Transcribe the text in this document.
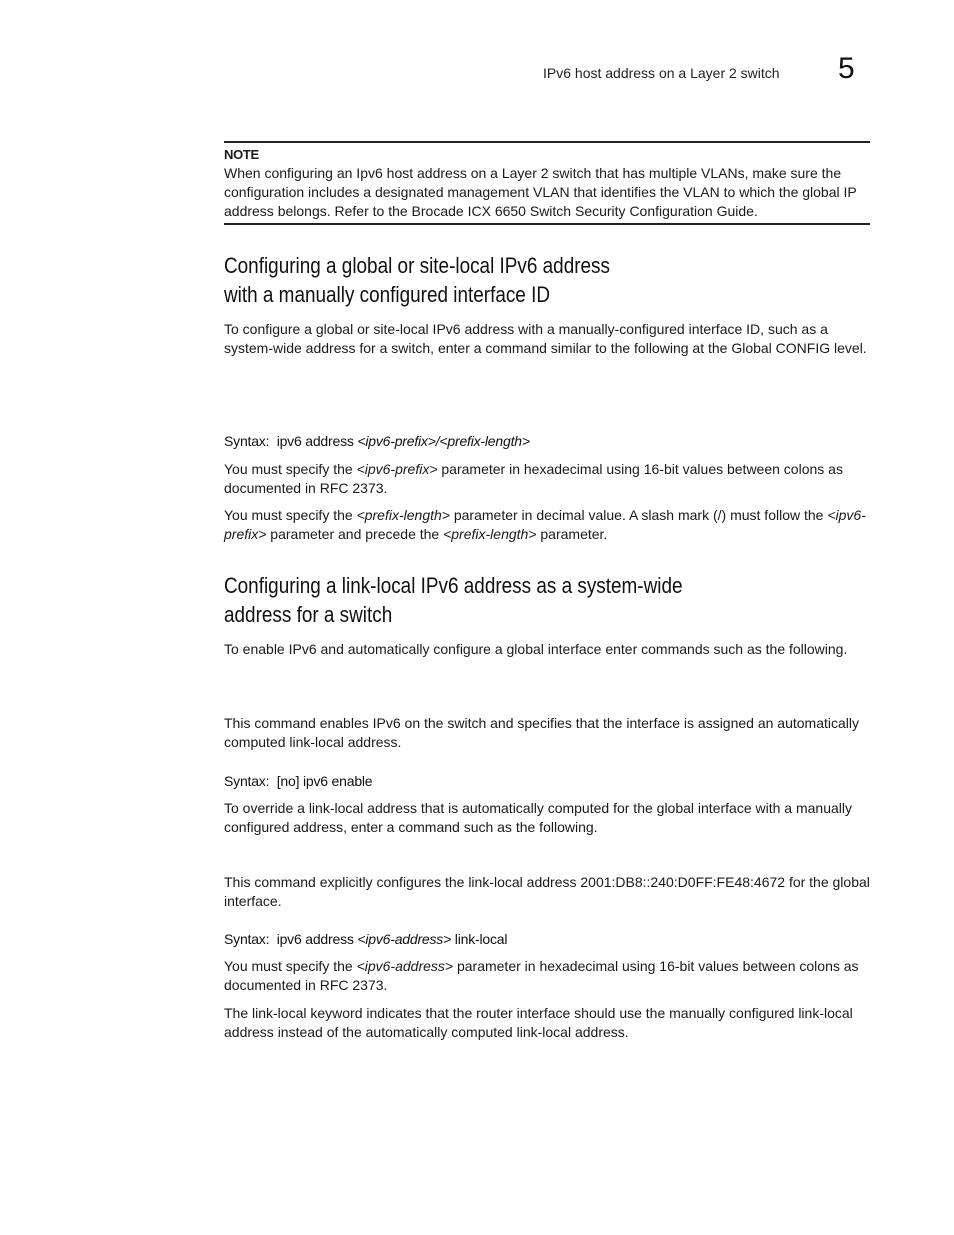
IPv6 host address on a Layer 2 switch 5
NOTE
When configuring an Ipv6 host address on a Layer 2 switch that has multiple VLANs, make sure the configuration includes a designated management VLAN that identifies the VLAN to which the global IP address belongs. Refer to the Brocade ICX 6650 Switch Security Configuration Guide.
Configuring a global or site-local IPv6 address
with a manually configured interface ID
To configure a global or site-local IPv6 address with a manually-configured interface ID, such as a system-wide address for a switch, enter a command similar to the following at the Global CONFIG level.
Syntax: ipv6 address <ipv6-prefix>/<prefix-length>
You must specify the <ipv6-prefix> parameter in hexadecimal using 16-bit values between colons as documented in RFC 2373.
You must specify the <prefix-length> parameter in decimal value. A slash mark (/) must follow the <ipv6-prefix> parameter and precede the <prefix-length> parameter.
Configuring a link-local IPv6 address as a system-wide
address for a switch
To enable IPv6 and automatically configure a global interface enter commands such as the following.
This command enables IPv6 on the switch and specifies that the interface is assigned an automatically computed link-local address.
Syntax: [no] ipv6 enable
To override a link-local address that is automatically computed for the global interface with a manually configured address, enter a command such as the following.
This command explicitly configures the link-local address 2001:DB8::240:D0FF:FE48:4672 for the global interface.
Syntax: ipv6 address <ipv6-address> link-local
You must specify the <ipv6-address> parameter in hexadecimal using 16-bit values between colons as documented in RFC 2373.
The link-local keyword indicates that the router interface should use the manually configured link-local address instead of the automatically computed link-local address.
